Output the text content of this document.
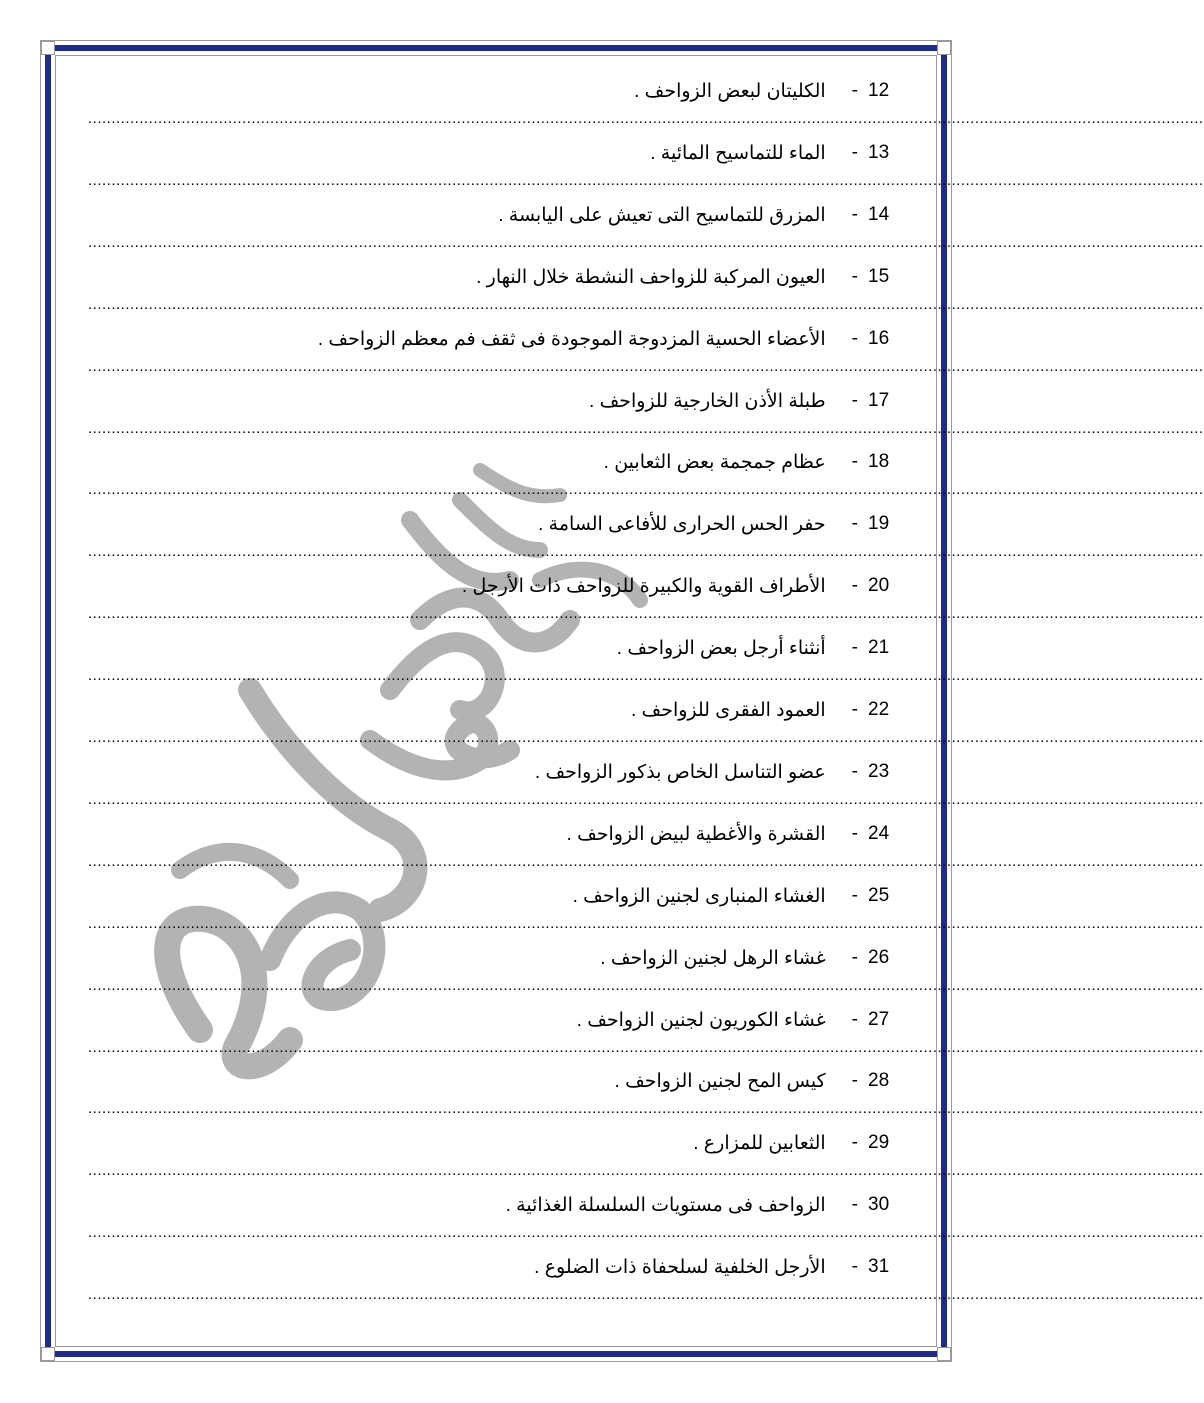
الكليتان لبعض الزواحف . - 12
...............................................................................................................................................................................................................................................
الماء للتماسيح المائية . - 13
...............................................................................................................................................................................................................................................
المزرق للتماسيح التى تعيش على اليابسة . - 14
...............................................................................................................................................................................................................................................
العيون المركبة للزواحف النشطة خلال النهار . - 15
...............................................................................................................................................................................................................................................
الأعضاء الحسية المزدوجة الموجودة فى ثقف فم معظم الزواحف . - 16
...............................................................................................................................................................................................................................................
طبلة الأذن الخارجية للزواحف . - 17
...............................................................................................................................................................................................................................................
عظام جمجمة بعض الثعابين . - 18
...............................................................................................................................................................................................................................................
حفر الحس الحرارى للأفاعى السامة . - 19
...............................................................................................................................................................................................................................................
الأطراف القوية والكبيرة للزواحف ذات الأرجل . - 20
...............................................................................................................................................................................................................................................
أنثناء أرجل بعض الزواحف . - 21
...............................................................................................................................................................................................................................................
العمود الفقرى للزواحف . - 22
...............................................................................................................................................................................................................................................
عضو التناسل الخاص بذكور الزواحف . - 23
...............................................................................................................................................................................................................................................
القشرة والأغطية لبيض الزواحف . - 24
...............................................................................................................................................................................................................................................
الغشاء المنبارى لجنين الزواحف . - 25
...............................................................................................................................................................................................................................................
غشاء الرهل لجنين الزواحف . - 26
...............................................................................................................................................................................................................................................
غشاء الكوريون لجنين الزواحف . - 27
...............................................................................................................................................................................................................................................
كيس المح لجنين الزواحف . - 28
...............................................................................................................................................................................................................................................
الثعابين للمزارع . - 29
...............................................................................................................................................................................................................................................
الزواحف فى مستويات السلسلة الغذائية . - 30
...............................................................................................................................................................................................................................................
الأرجل الخلفية لسلحفاة ذات الضلوع . - 31
...............................................................................................................................................................................................................................................
